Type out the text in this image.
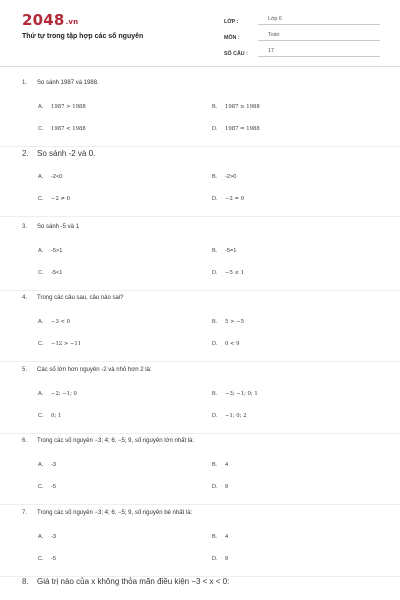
2048.vn
Thứ tự trong tập hợp các số nguyên
LỚP :	Lớp 6
MÔN :	Toán
SỐ CÂU :	17
1. So sánh 1987 và 1988.
A. 1987 > 1988	B. 1987 ≥ 1988
C. 1987 < 1988	D. 1987 = 1988
2. So sánh -2 và 0.
A. -2<0	B. -2>0
C. −2 ≠ 0	D. −2 = 0
3. So sánh -5 và 1
A. -5>1	B. -5=1
C. -5<1	D. −5 ≤ 1
4. Trong các câu sau, câu nào sai?
A. −3 < 0	B. 5 > −5
C. −12 > −11	D. 0 < 9
5. Các số lớn hơn nguyên -2 và nhỏ hơn 2 là:
A. −2; −1; 0	B. −3; −1; 0; 1
C. 0; 1	D. −1; 0; 2
6. Trong các số nguyên −3; 4; 6; −5; 9, số nguyên lớn nhất là:
A. -3	B. 4
C. -5	D. 9
7. Trong các số nguyên −3; 4; 6; −5; 9, số nguyên bé nhất là:
A. -3	B. 4
C. -5	D. 9
8. Giá trị nào của x không thỏa mãn điều kiện −3 < x < 0:
